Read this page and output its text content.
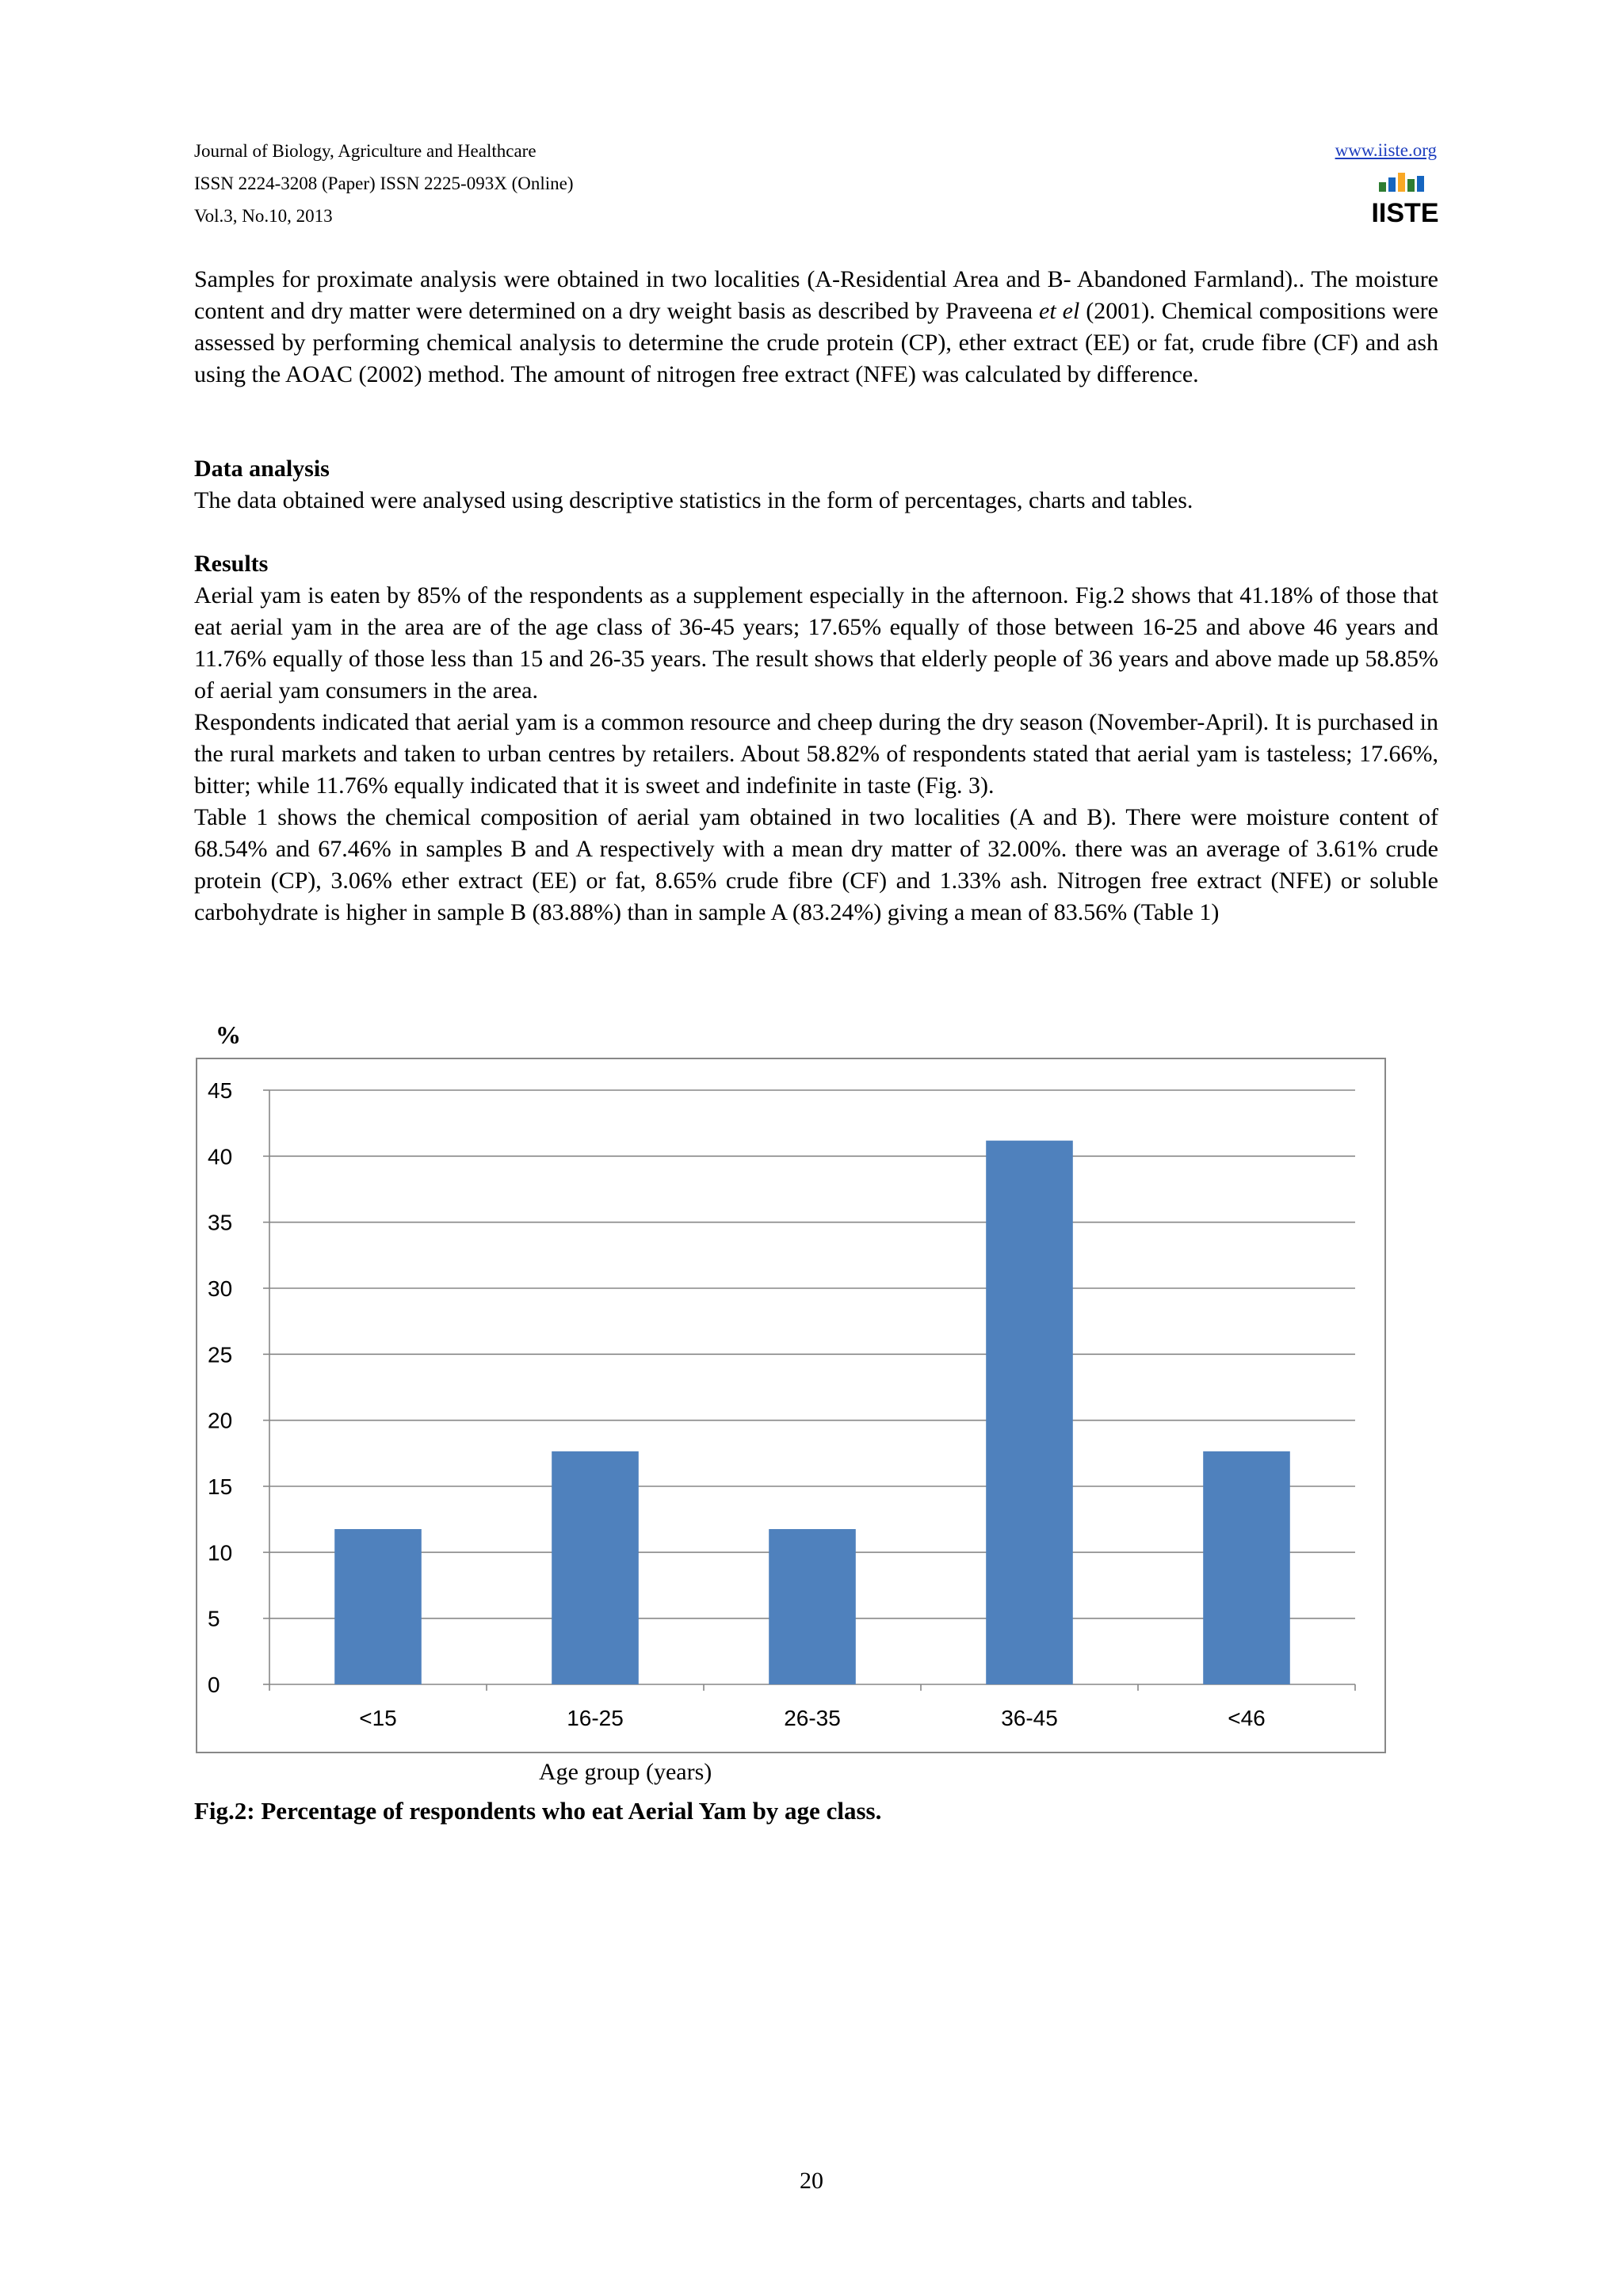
Journal of Biology, Agriculture and Healthcare
ISSN 2224-3208 (Paper) ISSN 2225-093X (Online)
Vol.3, No.10, 2013
www.iiste.org
IISTE

Samples for proximate analysis were obtained in two localities (A-Residential Area and B- Abandoned Farmland).. The moisture content and dry matter were determined on a dry weight basis as described by Praveena et el (2001). Chemical compositions were assessed by performing chemical analysis to determine the crude protein (CP), ether extract (EE) or fat, crude fibre (CF) and ash using the AOAC (2002) method. The amount of nitrogen free extract (NFE) was calculated by difference.

Data analysis

The data obtained were analysed using descriptive statistics in the form of percentages, charts and tables.

Results

Aerial yam is eaten by 85% of the respondents as a supplement especially in the afternoon. Fig.2 shows that 41.18% of those that eat aerial yam in the area are of the age class of 36-45 years; 17.65% equally of those between 16-25 and above 46 years and 11.76% equally of those less than 15 and 26-35 years. The result shows that elderly people of 36 years and above made up 58.85% of aerial yam consumers in the area.

Respondents indicated that aerial yam is a common resource and cheep during the dry season (November-April). It is purchased in the rural markets and taken to urban centres by retailers. About 58.82% of respondents stated that aerial yam is tasteless; 17.66%, bitter; while 11.76% equally indicated that it is sweet and indefinite in taste (Fig. 3).

Table 1 shows the chemical composition of aerial yam obtained in two localities (A and B). There were moisture content of 68.54% and 67.46% in samples B and A respectively with a mean dry matter of 32.00%. there was an average of 3.61% crude protein (CP), 3.06% ether extract (EE) or fat, 8.65% crude fibre (CF) and 1.33% ash. Nitrogen free extract (NFE) or soluble carbohydrate is higher in sample B (83.88%) than in sample A (83.24%) giving a mean of 83.56% (Table 1)

0
5
10
15
20
25
30
35
40
45
<15	16-25	26-35	36-45	<46
%
Age group (years)
Fig.2: Percentage of respondents who eat Aerial Yam by age class.
20
